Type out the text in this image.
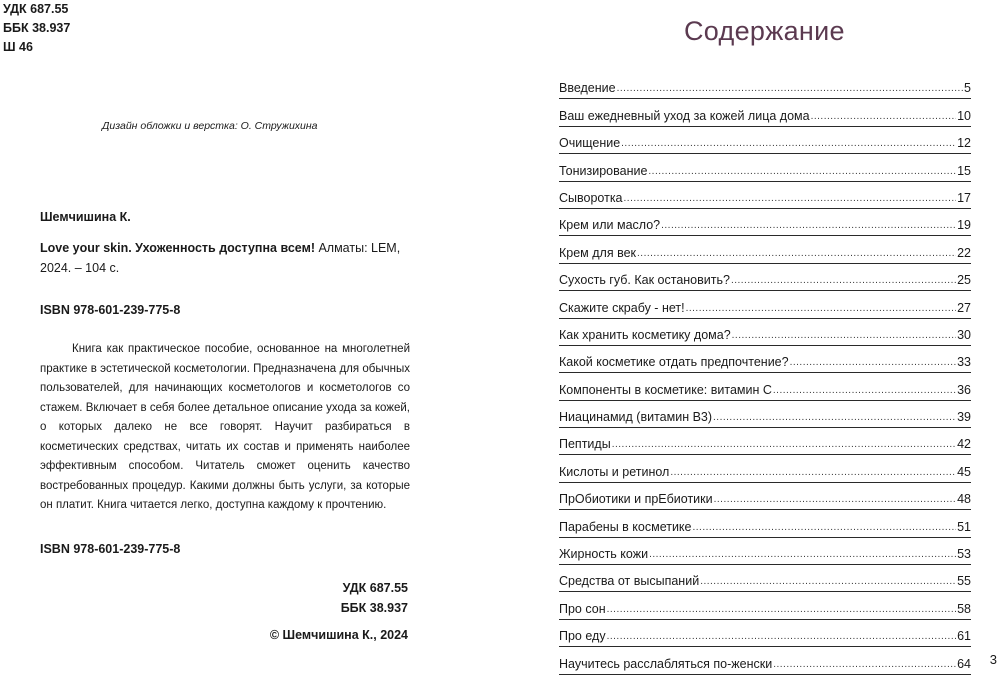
УДК 687.55
ББК 38.937
Ш 46
Дизайн обложки и верстка: О. Стружихина
Шемчишина К.
Love your skin. Ухоженность доступна всем! Алматы: LEM, 2024. – 104 с.
ISBN 978-601-239-775-8
Книга как практическое пособие, основанное на многолетней практике в эстетической косметологии. Предназначена для обычных пользователей, для начинающих косметологов и косметологов со стажем. Включает в себя более детальное описание ухода за кожей, о которых далеко не все говорят. Научит разбираться в косметических средствах, читать их состав и применять наиболее эффективным способом. Читатель сможет оценить качество востребованных процедур. Какими должны быть услуги, за которые он платит. Книга читается легко, доступна каждому к прочтению.
ISBN 978-601-239-775-8
УДК 687.55
ББК 38.937
© Шемчишина К., 2024
Содержание
Введение .....	5
Ваш ежедневный уход за кожей лица дома .....	10
Очищение .....	12
Тонизирование .....	15
Сыворотка .....	17
Крем или масло? .....	19
Крем для век .....	22
Сухость губ. Как остановить? .....	25
Скажите скрабу - нет! .....	27
Как хранить косметику дома? .....	30
Какой косметике отдать предпочтение? .....	33
Компоненты в косметике: витамин С .....	36
Ниацинамид (витамин В3) .....	39
Пептиды .....	42
Кислоты и ретинол .....	45
ПрОбиотики и прЕбиотики .....	48
Парабены в косметике .....	51
Жирность кожи .....	53
Средства от высыпаний .....	55
Про сон .....	58
Про еду .....	61
Научитесь расслабляться по-женски .....	64 3
